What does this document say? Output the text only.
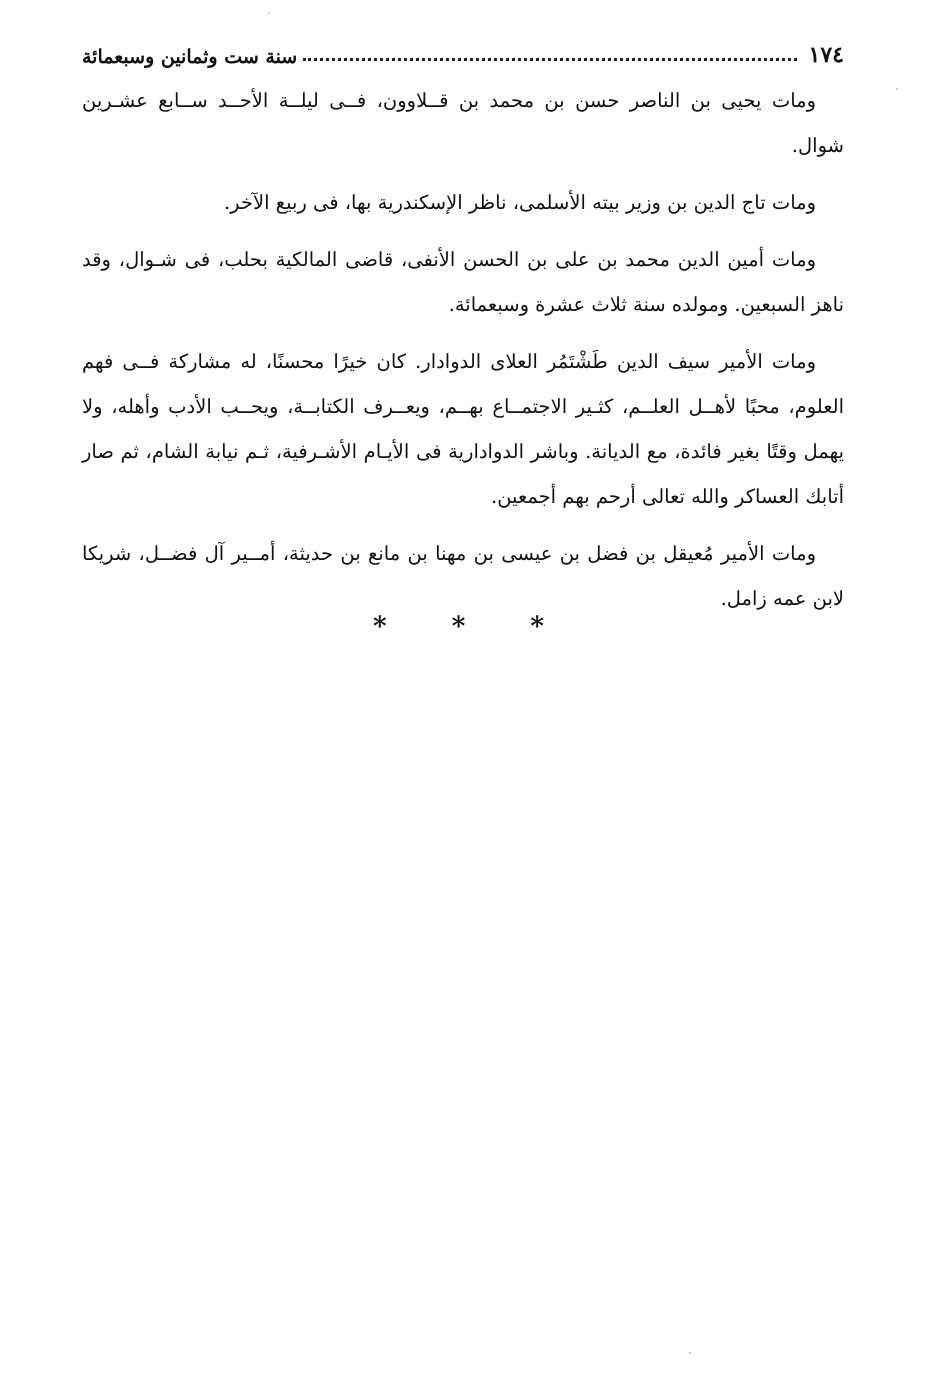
١٧٤
سنة ست وثمانين وسبعمائة

ومات يحيى بن الناصر حسن بن محمد بن قــلاوون، فــى ليلــة الأحــد ســابع عشـرين شوال.

ومات تاج الدين بن وزير بيته الأسلمى، ناظر الإسكندرية بها، فى ربيع الآخر.

ومات أمين الدين محمد بن على بن الحسن الأنفى، قاضى المالكية بحلب، فى شـوال، وقد ناهز السبعين. ومولده سنة ثلاث عشرة وسبعمائة.

ومات الأمير سيف الدين طَشْتَمُر العلاى الدوادار. كان خيرًا محسنًا، له مشاركة فــى فهم العلوم، محبًا لأهــل العلــم، كثـير الاجتمــاع بهــم، ويعــرف الكتابــة، ويحــب الأدب وأهله، ولا يهمل وقتًا بغير فائدة، مع الديانة. وباشر الدوادارية فى الأيـام الأشـرفية، ثـم نيابة الشام، ثم صار أتابك العساكر والله تعالى أرحم بهم أجمعين.

ومات الأمير مُعيقل بن فضل بن عيسى بن مهنا بن مانع بن حديثة، أمــير آل فضــل، شريكا لابن عمه زامل.

* * *
